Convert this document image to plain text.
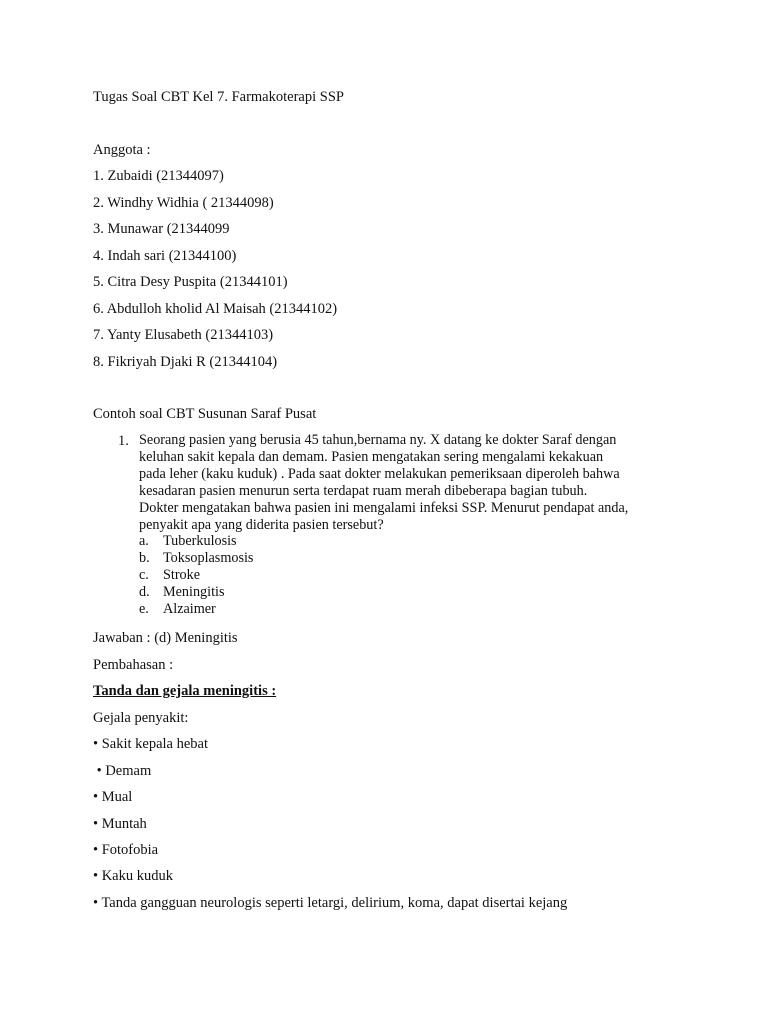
Tugas Soal CBT Kel 7. Farmakoterapi SSP
Anggota :
1. Zubaidi (21344097)
2. Windhy Widhia ( 21344098)
3. Munawar (21344099
4. Indah sari (21344100)
5. Citra Desy Puspita (21344101)
6. Abdulloh kholid Al Maisah (21344102)
7. Yanty Elusabeth (21344103)
8. Fikriyah Djaki R (21344104)
Contoh soal CBT Susunan Saraf Pusat
1. Seorang pasien yang berusia 45 tahun,bernama ny. X datang ke dokter Saraf dengan

keluhan sakit kepala dan demam. Pasien mengatakan sering mengalami kekakuan

pada leher (kaku kuduk) . Pada saat dokter melakukan pemeriksaan diperoleh bahwa

kesadaran pasien menurun serta terdapat ruam merah dibeberapa bagian tubuh.

Dokter mengatakan bahwa pasien ini mengalami infeksi SSP. Menurut pendapat anda,

penyakit apa yang diderita pasien tersebut?

a. Tuberkulosis
b. Toksoplasmosis
c. Stroke
d. Meningitis
e. Alzaimer
Jawaban : (d) Meningitis
Pembahasan :
Tanda dan gejala meningitis :
Gejala penyakit:
• Sakit kepala hebat
• Demam
• Mual
• Muntah
• Fotofobia
• Kaku kuduk
• Tanda gangguan neurologis seperti letargi, delirium, koma, dapat disertai kejang
